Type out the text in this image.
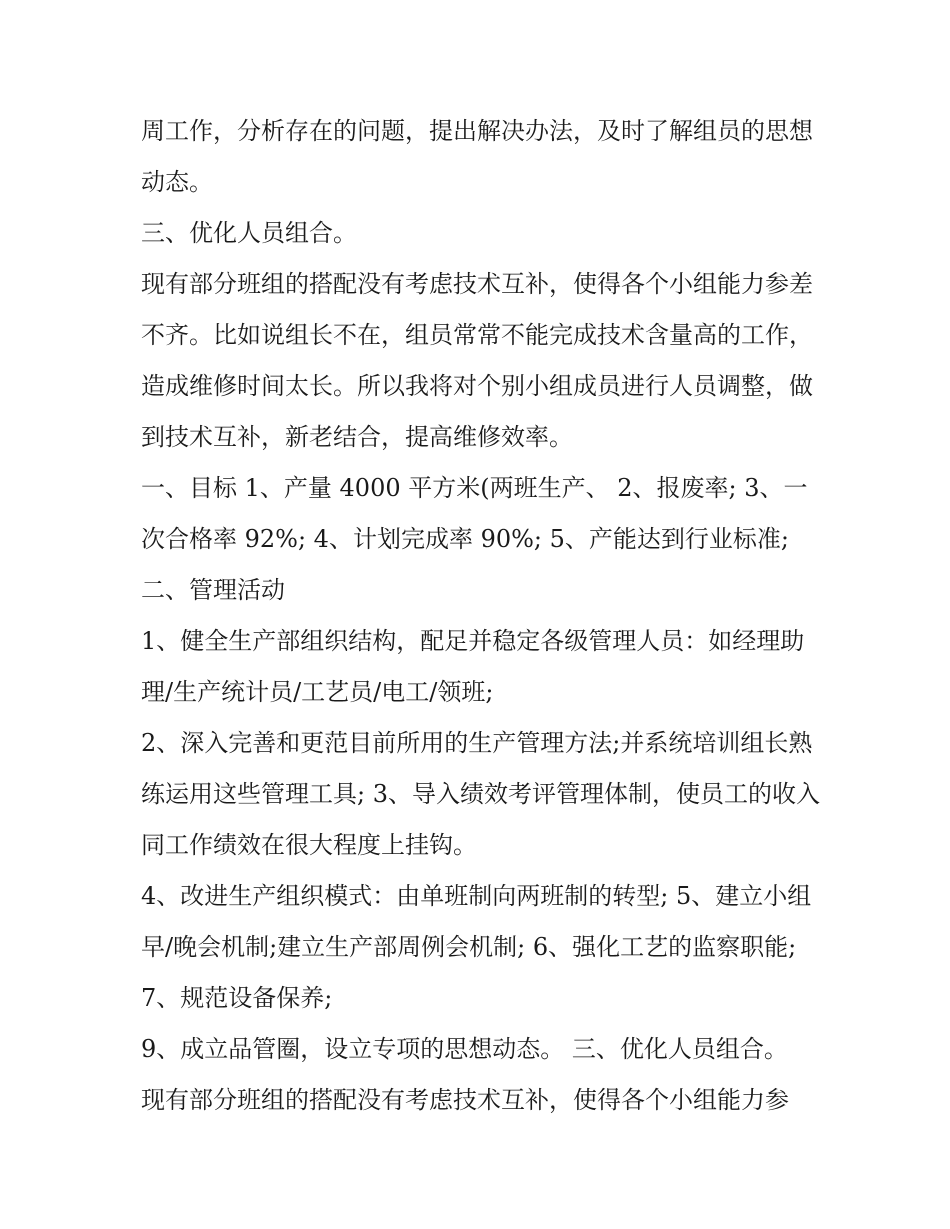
周工作，分析存在的问题，提出解决办法，及时了解组员的思想动态。

三、优化人员组合。

现有部分班组的搭配没有考虑技术互补，使得各个小组能力参差不齐。比如说组长不在，组员常常不能完成技术含量高的工作，造成维修时间太长。所以我将对个别小组成员进行人员调整，做到技术互补，新老结合，提高维修效率。

一、目标 1、产量 4000 平方米(两班生产、 2、报废率; 3、一次合格率 92%; 4、计划完成率 90%; 5、产能达到行业标准;

二、管理活动

1、健全生产部组织结构，配足并稳定各级管理人员：如经理助理/生产统计员/工艺员/电工/领班;

2、深入完善和更范目前所用的生产管理方法;并系统培训组长熟练运用这些管理工具; 3、导入绩效考评管理体制，使员工的收入同工作绩效在很大程度上挂钩。

4、改进生产组织模式：由单班制向两班制的转型; 5、建立小组早/晚会机制;建立生产部周例会机制; 6、强化工艺的监察职能; 7、规范设备保养;

9、成立品管圈，设立专项的思想动态。 三、优化人员组合。

现有部分班组的搭配没有考虑技术互补，使得各个小组能力参
